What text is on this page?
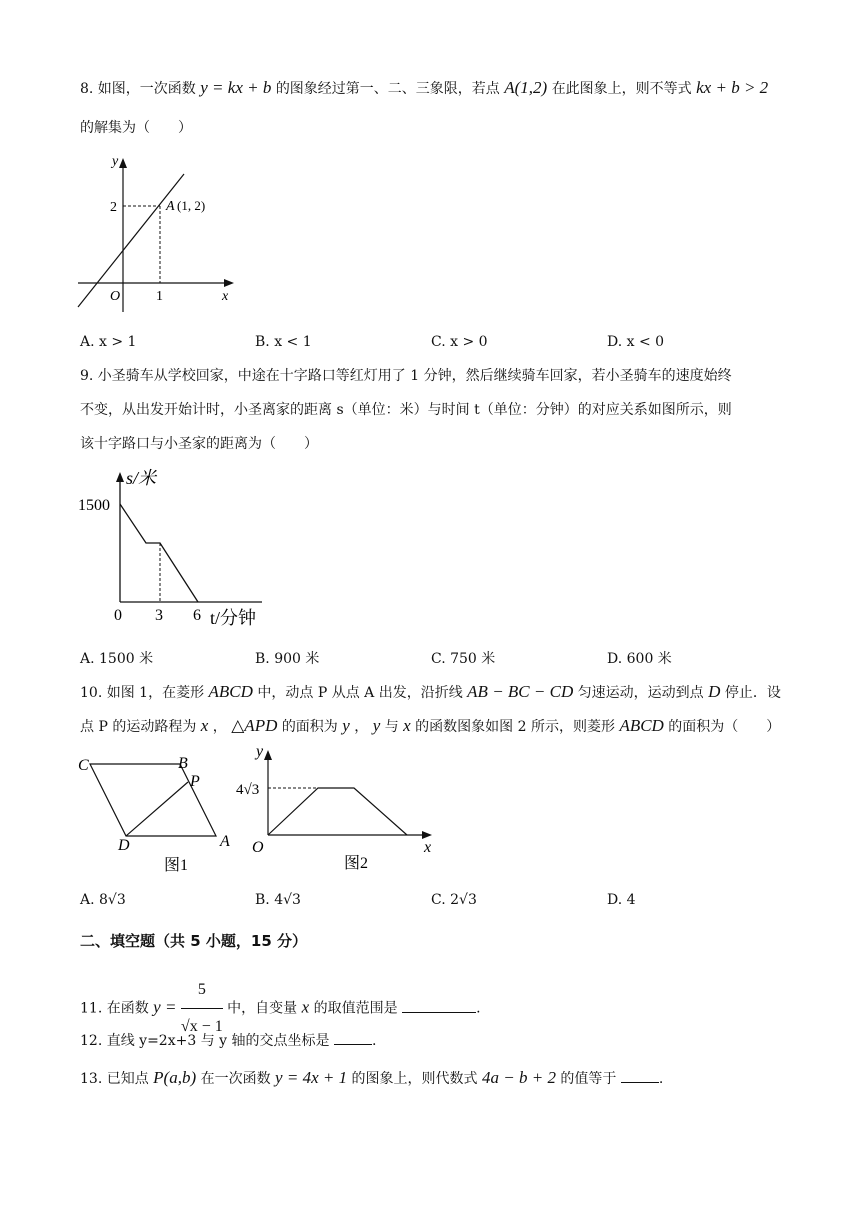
8. 如图，一次函数 y = kx + b 的图象经过第一、二、三象限，若点 A(1,2) 在此图象上，则不等式 kx + b > 2
的解集为（　　）
y
x
O
2
1
A (1, 2)
A. x > 1	B. x < 1	C. x > 0	D. x < 0
9. 小圣骑车从学校回家，中途在十字路口等红灯用了 1 分钟，然后继续骑车回家，若小圣骑车的速度始终
不变，从出发开始计时，小圣离家的距离 s（单位：米）与时间 t（单位：分钟）的对应关系如图所示，则
该十字路口与小圣家的距离为（　　）
s/米
1500
0 3 6 t/分钟
A. 1500 米	B. 900 米	C. 750 米	D. 600 米
10. 如图 1，在菱形 ABCD 中，动点 P 从点 A 出发，沿折线 AB − BC − CD 匀速运动，运动到点 D 停止．设
点 P 的运动路程为 x ， △APD 的面积为 y ， y 与 x 的函数图象如图 2 所示，则菱形 ABCD 的面积为（　　）
C	B
P
D	A
图1
y
4√3
O	x
图2
A. 8√3	B. 4√3	C. 2√3	D. 4
二、填空题（共 5 小题，15 分）
11. 在函数 $y = \frac{5}{√x - 1}$ 中，自变量 x 的取值范围是	.
12. 直线 y=2x+3 与 y 轴的交点坐标是	.
13. 已知点 P(a,b) 在一次函数 y = 4x + 1 的图象上，则代数式 4a − b + 2 的值等于	.
